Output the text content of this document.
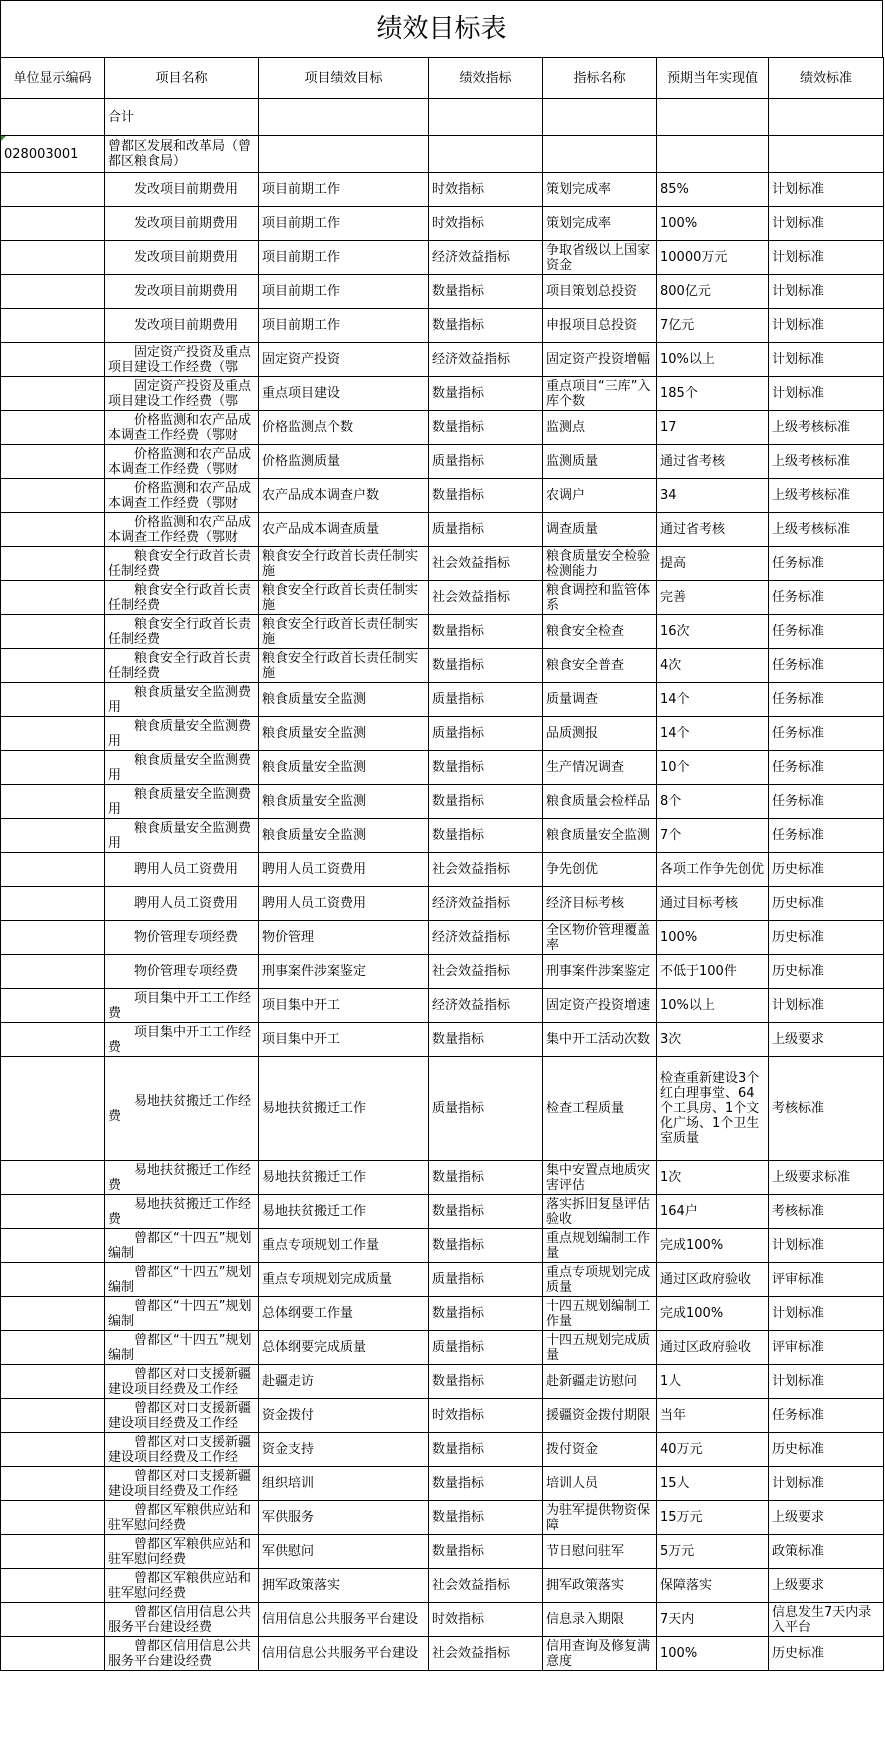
绩效目标表
单位显示编码	项目名称	项目绩效目标	绩效指标	指标名称	预期当年实现值	绩效标准
	合计					
028003001	曾都区发展和改革局（曾都区粮食局）					

	发改项目前期费用	项目前期工作	时效指标	策划完成率	85%	计划标准

	发改项目前期费用	项目前期工作	时效指标	策划完成率	100%	计划标准

	发改项目前期费用	项目前期工作	经济效益指标	争取省级以上国家资金	10000万元	计划标准

	发改项目前期费用	项目前期工作	数量指标	项目策划总投资	800亿元	计划标准

	发改项目前期费用	项目前期工作	数量指标	申报项目总投资	7亿元	计划标准

	固定资产投资及重点项目建设工作经费（鄂	固定资产投资	经济效益指标	固定资产投资增幅	10%以上	计划标准

	固定资产投资及重点项目建设工作经费（鄂	重点项目建设	数量指标	重点项目“三库”入库个数	185个	计划标准

	价格监测和农产品成本调查工作经费（鄂财	价格监测点个数	数量指标	监测点	17	上级考核标准

	价格监测和农产品成本调查工作经费（鄂财	价格监测质量	质量指标	监测质量	通过省考核	上级考核标准

	价格监测和农产品成本调查工作经费（鄂财	农产品成本调查户数	数量指标	农调户	34	上级考核标准

	价格监测和农产品成本调查工作经费（鄂财	农产品成本调查质量	质量指标	调查质量	通过省考核	上级考核标准

	粮食安全行政首长责任制经费	粮食安全行政首长责任制实施	社会效益指标	粮食质量安全检验检测能力	提高	任务标准

	粮食安全行政首长责任制经费	粮食安全行政首长责任制实施	社会效益指标	粮食调控和监管体系	完善	任务标准

	粮食安全行政首长责任制经费	粮食安全行政首长责任制实施	数量指标	粮食安全检查	16次	任务标准

	粮食安全行政首长责任制经费	粮食安全行政首长责任制实施	数量指标	粮食安全普查	4次	任务标准

	粮食质量安全监测费用	粮食质量安全监测	质量指标	质量调查	14个	任务标准

	粮食质量安全监测费用	粮食质量安全监测	质量指标	品质测报	14个	任务标准

	粮食质量安全监测费用	粮食质量安全监测	数量指标	生产情况调查	10个	任务标准

	粮食质量安全监测费用	粮食质量安全监测	数量指标	粮食质量会检样品	8个	任务标准

	粮食质量安全监测费用	粮食质量安全监测	数量指标	粮食质量安全监测	7个	任务标准

	聘用人员工资费用	聘用人员工资费用	社会效益指标	争先创优	各项工作争先创优	历史标准

	聘用人员工资费用	聘用人员工资费用	经济效益指标	经济目标考核	通过目标考核	历史标准

	物价管理专项经费	物价管理	经济效益指标	全区物价管理覆盖率	100%	历史标准

	物价管理专项经费	刑事案件涉案鉴定	社会效益指标	刑事案件涉案鉴定	不低于100件	历史标准

	项目集中开工工作经费	项目集中开工	经济效益指标	固定资产投资增速	10%以上	计划标准

	项目集中开工工作经费	项目集中开工	数量指标	集中开工活动次数	3次	上级要求

	易地扶贫搬迁工作经费	易地扶贫搬迁工作	质量指标	检查工程质量	检查重新建设3个红白理事堂、64个工具房、1个文化广场、1个卫生室质量	考核标准

	易地扶贫搬迁工作经费	易地扶贫搬迁工作	数量指标	集中安置点地质灾害评估	1次	上级要求标准

	易地扶贫搬迁工作经费	易地扶贫搬迁工作	数量指标	落实拆旧复垦评估验收	164户	考核标准

	曾都区“十四五”规划编制	重点专项规划工作量	数量指标	重点规划编制工作量	完成100%	计划标准

	曾都区“十四五”规划编制	重点专项规划完成质量	质量指标	重点专项规划完成质量	通过区政府验收	评审标准

	曾都区“十四五”规划编制	总体纲要工作量	数量指标	十四五规划编制工作量	完成100%	计划标准

	曾都区“十四五”规划编制	总体纲要完成质量	质量指标	十四五规划完成质量	通过区政府验收	评审标准

	曾都区对口支援新疆建设项目经费及工作经	赴疆走访	数量指标	赴新疆走访慰问	1人	计划标准

	曾都区对口支援新疆建设项目经费及工作经	资金拨付	时效指标	援疆资金拨付期限	当年	任务标准

	曾都区对口支援新疆建设项目经费及工作经	资金支持	数量指标	拨付资金	40万元	历史标准

	曾都区对口支援新疆建设项目经费及工作经	组织培训	数量指标	培训人员	15人	计划标准

	曾都区军粮供应站和驻军慰问经费	军供服务	数量指标	为驻军提供物资保障	15万元	上级要求

	曾都区军粮供应站和驻军慰问经费	军供慰问	数量指标	节日慰问驻军	5万元	政策标准

	曾都区军粮供应站和驻军慰问经费	拥军政策落实	社会效益指标	拥军政策落实	保障落实	上级要求

	曾都区信用信息公共服务平台建设经费	信用信息公共服务平台建设	时效指标	信息录入期限	7天内	信息发生7天内录入平台

	曾都区信用信息公共服务平台建设经费	信用信息公共服务平台建设	社会效益指标	信用查询及修复满意度	100%	历史标准
